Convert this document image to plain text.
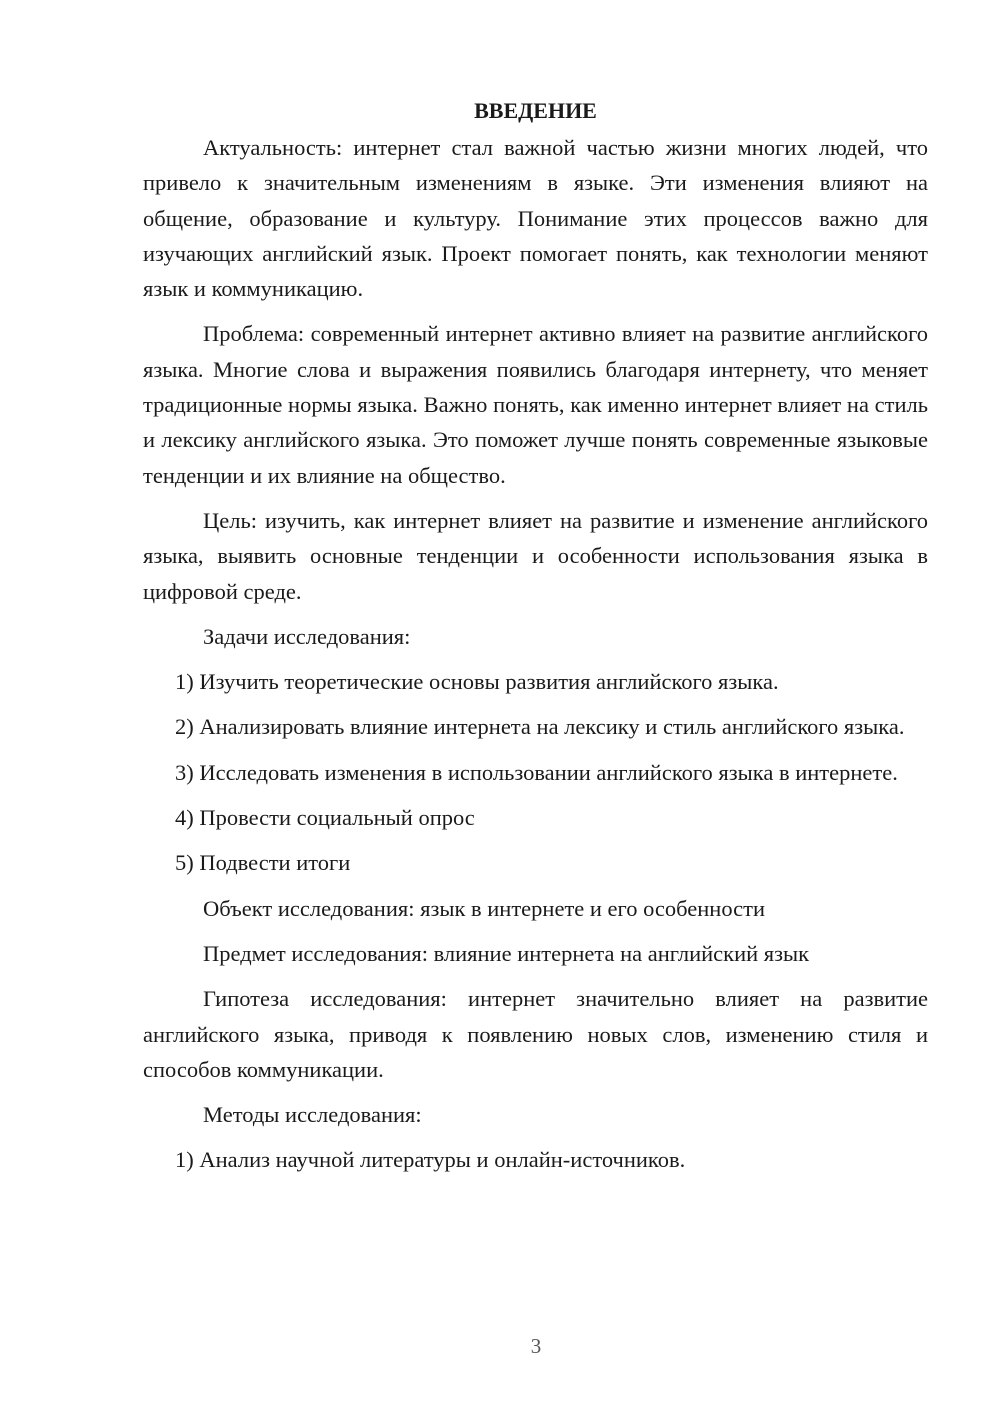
ВВЕДЕНИЕ

Актуальность: интернет стал важной частью жизни многих людей, что привело к значительным изменениям в языке. Эти изменения влияют на общение, образование и культуру. Понимание этих процессов важно для изучающих английский язык. Проект помогает понять, как технологии меняют язык и коммуникацию.

Проблема: современный интернет активно влияет на развитие английского языка. Многие слова и выражения появились благодаря интернету, что меняет традиционные нормы языка. Важно понять, как именно интернет влияет на стиль и лексику английского языка. Это поможет лучше понять современные языковые тенденции и их влияние на общество.

Цель: изучить, как интернет влияет на развитие и изменение английского языка, выявить основные тенденции и особенности использования языка в цифровой среде.

Задачи исследования:

1) Изучить теоретические основы развития английского языка.

2) Анализировать влияние интернета на лексику и стиль английского языка.

3) Исследовать изменения в использовании английского языка в интернете.

4) Провести социальный опрос

5) Подвести итоги

Объект исследования: язык в интернете и его особенности

Предмет исследования: влияние интернета на английский язык

Гипотеза исследования: интернет значительно влияет на развитие английского языка, приводя к появлению новых слов, изменению стиля и способов коммуникации.

Методы исследования:

1) Анализ научной литературы и онлайн-источников.

3
